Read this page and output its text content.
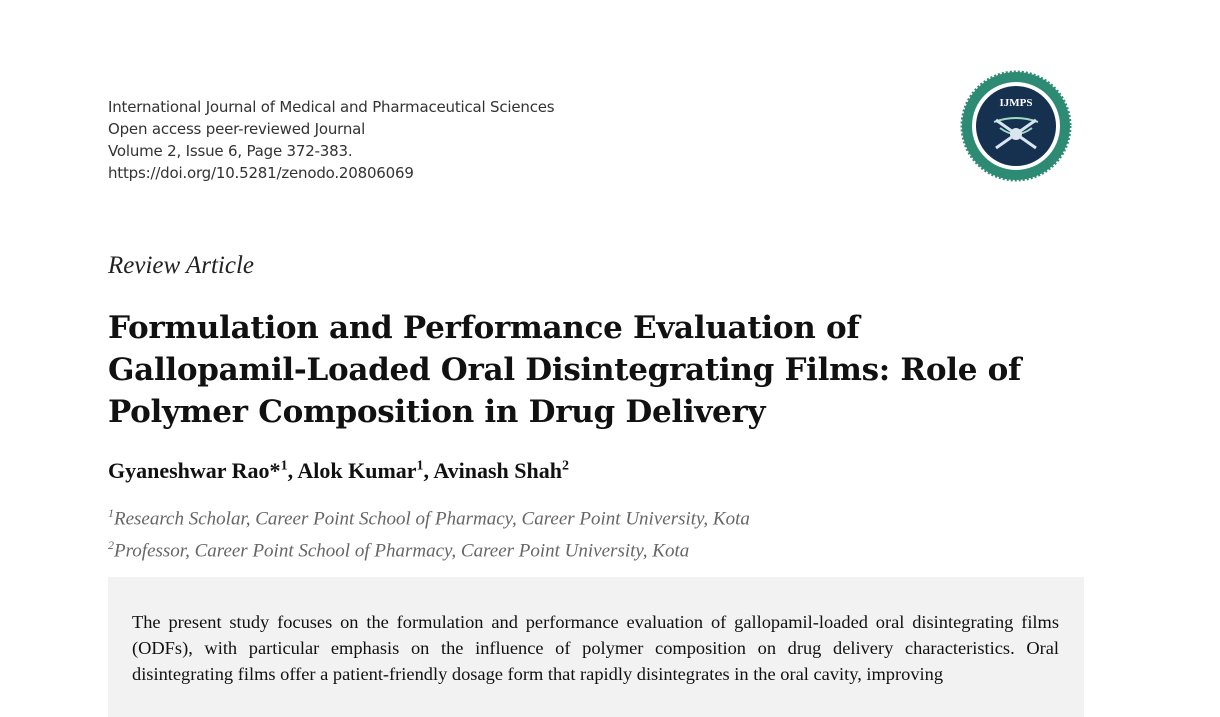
International Journal of Medical and Pharmaceutical Sciences
Open access peer-reviewed Journal
Volume 2, Issue 6, Page 372-383.
https://doi.org/10.5281/zenodo.20806069
IJMPS
Review Article
Formulation and Performance Evaluation of Gallopamil-Loaded Oral Disintegrating Films: Role of Polymer Composition in Drug Delivery
Gyaneshwar Rao*$^1$, Alok Kumar$^1$, Avinash Shah$^2$
$^1$Research Scholar, Career Point School of Pharmacy, Career Point University, Kota
$^2$Professor, Career Point School of Pharmacy, Career Point University, Kota

The present study focuses on the formulation and performance evaluation of gallopamil-loaded oral disintegrating films (ODFs), with particular emphasis on the influence of polymer composition on drug delivery characteristics. Oral disintegrating films offer a patient-friendly dosage form that rapidly disintegrates in the oral cavity, improving
